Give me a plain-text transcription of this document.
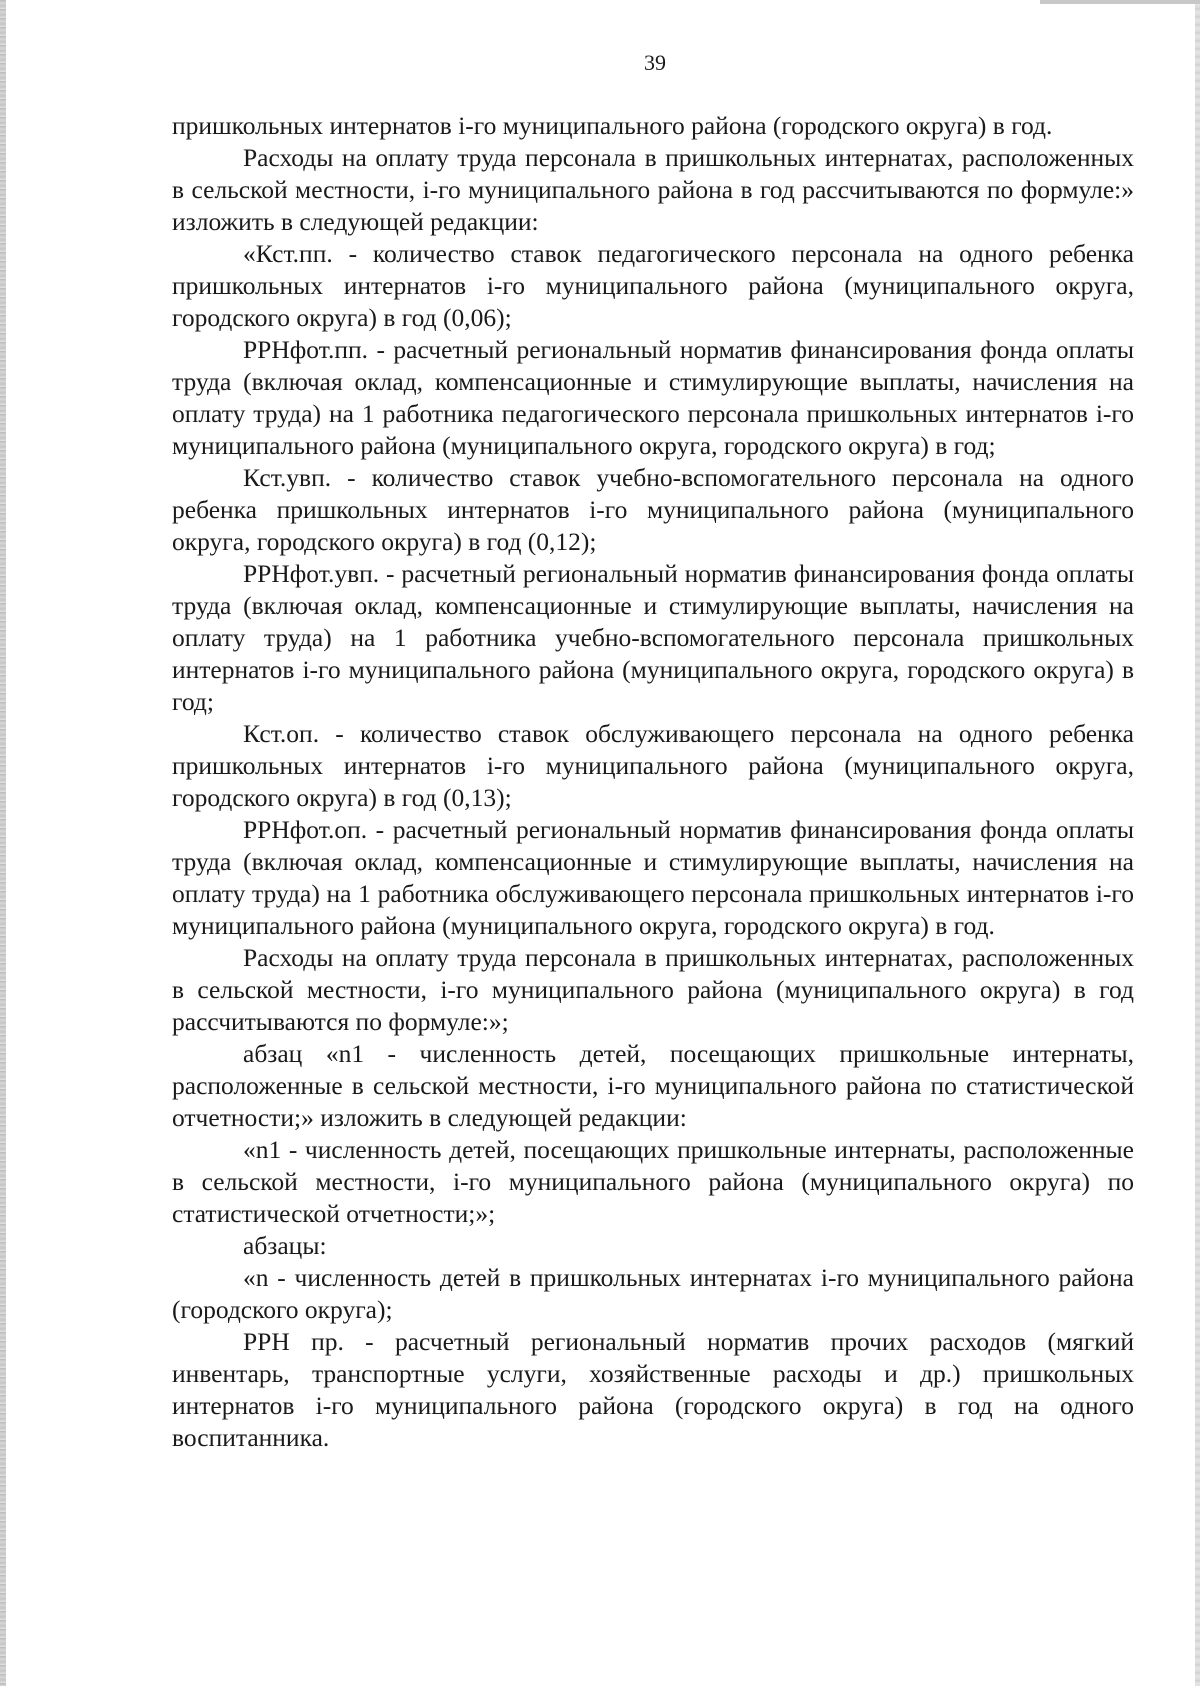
39

пришкольных интернатов i-го муниципального района (городского округа) в год.

Расходы на оплату труда персонала в пришкольных интернатах, расположенных в сельской местности, i-го муниципального района в год рассчитываются по формуле:» изложить в следующей редакции:

«Кст.пп. - количество ставок педагогического персонала на одного ребенка пришкольных интернатов i-го муниципального района (муниципального округа, городского округа) в год (0,06);

РРНфот.пп. - расчетный региональный норматив финансирования фонда оплаты труда (включая оклад, компенсационные и стимулирующие выплаты, начисления на оплату труда) на 1 работника педагогического персонала пришкольных интернатов i-го муниципального района (муниципального округа, городского округа) в год;

Кст.увп. - количество ставок учебно-вспомогательного персонала на одного ребенка пришкольных интернатов i-го муниципального района (муниципального округа, городского округа) в год (0,12);

РРНфот.увп. - расчетный региональный норматив финансирования фонда оплаты труда (включая оклад, компенсационные и стимулирующие выплаты, начисления на оплату труда) на 1 работника учебно-вспомогательного персонала пришкольных интернатов i-го муниципального района (муниципального округа, городского округа) в год;

Кст.оп. - количество ставок обслуживающего персонала на одного ребенка пришкольных интернатов i-го муниципального района (муниципального округа, городского округа) в год (0,13);

РРНфот.оп. - расчетный региональный норматив финансирования фонда оплаты труда (включая оклад, компенсационные и стимулирующие выплаты, начисления на оплату труда) на 1 работника обслуживающего персонала пришкольных интернатов i-го муниципального района (муниципального округа, городского округа) в год.

Расходы на оплату труда персонала в пришкольных интернатах, расположенных в сельской местности, i-го муниципального района (муниципального округа) в год рассчитываются по формуле:»;

абзац «n1 - численность детей, посещающих пришкольные интернаты, расположенные в сельской местности, i-го муниципального района по статистической отчетности;» изложить в следующей редакции:

«n1 - численность детей, посещающих пришкольные интернаты, расположенные в сельской местности, i-го муниципального района (муниципального округа) по статистической отчетности;»;

абзацы:

«n - численность детей в пришкольных интернатах i-го муниципального района (городского округа);

РРН пр. - расчетный региональный норматив прочих расходов (мягкий инвентарь, транспортные услуги, хозяйственные расходы и др.) пришкольных интернатов i-го муниципального района (городского округа) в год на одного воспитанника.
